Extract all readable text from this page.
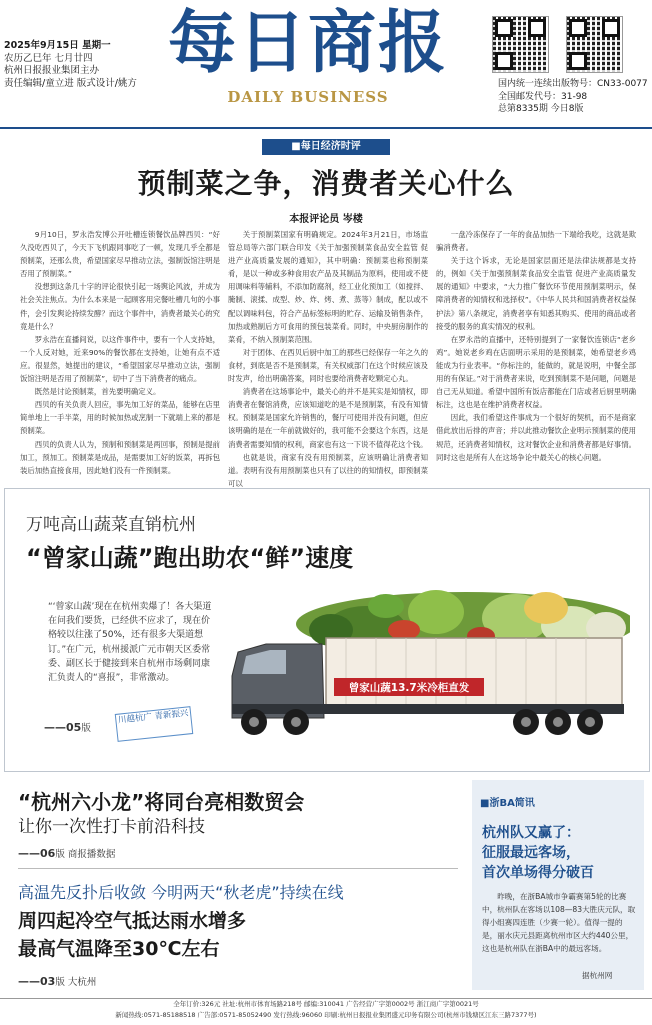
2025年9月15日 星期一
农历乙巳年 七月廿四
杭州日报报业集团主办
责任编辑/童立进 版式设计/姚方
每日商报
DAILY BUSINESS
国内统一连续出版物号：CN33-0077
全国邮发代号：31-98
总第8335期 今日8版
■每日经济时评
预制菜之争，消费者关心什么
本报评论员 岑楼

9月10日，罗永浩发博公开吐槽连锁餐饮品牌西贝：“好久没吃西贝了，今天下飞机跟同事吃了一顿，发现几乎全都是预制菜，还那么贵，希望国家尽早推动立法，强制饭馆注明是否用了预制菜。”

没想到这条几十字的评论很快引起一场舆论风波，并成为社会关注焦点。为什么本来是一起顾客用完餐吐槽几句的小事件，会引发舆论持续发酵？而这个事件中，消费者最关心的究竟是什么？

罗永浩在直播间说，以这件事件中，要有一个人支持她，一个人反对她，近来90%的餐饮都在支持她，让她有点不适应。很显然，她提出的建议，“希望国家尽早推动立法，强制饭馆注明是否用了预制菜”，切中了当下消费者的痛点。

既然是讨论预制菜，首先要明确定义。

西贝的有关负责人回应，事先加工好的菜品，能够在店里简单地上一手半菜，用的时候加热或烹制一下就端上来的都是预制菜。

西贝的负责人认为，预制和预制菜是两回事，预制是提前加工，预加工。预制菜是成品，是需要加工好的饭菜，再拆包装后加热直接食用，因此她们没有一件预制菜。

关于预制菜国家有明确规定。2024年3月21日，市场监管总局等六部门联合印发《关于加强预制菜食品安全监管 促进产业高质量发展的通知》，其中明确：预制菜也称预制菜肴，是以一种或多种食用农产品及其制品为原料，使用或不使用调味料等辅料，不添加防腐剂，经工业化预加工（如搅拌、腌制、滚揉、成型、炒、炸、烤、煮、蒸等）制成，配以或不配以调味料包，符合产品标签标明的贮存、运输及销售条件，加热或熟制后方可食用的预包装菜肴。同时，中央厨房制作的菜肴，不纳入预制菜范围。

对于团体、在西贝后厨中加工的那些已经保存一年之久的食材，到底是否不是预制菜，有关权威部门在这个时候应该及时发声，给出明确答案，同时也要给消费者吃颗定心丸。

消费者在这场事论中，最关心的并不是其实是知情权，即消费者在餐馆消费，应该知道吃的是不是预制菜，有没有知情权。预制菜是国家允许销售的，餐厅可使用并没有问题，但应该明确的是在一年前就做好的，我可能不会要这个东西，这是消费者需要知情的权利，商家也有这一下说不值得花这个钱。

也就是说，商家有没有用预制菜，应该明确让消费者知道。表明有没有用预制菜也只有了以往的的知情权，即预制菜可以

一盘冷冻保存了一年的食品加热一下端给我吃，这就是欺骗消费者。

关于这个诉求，无论是国家层面还是法律法规都是支持的，例如《关于加强预制菜食品安全监管 促进产业高质量发展的通知》中要求，“大力推广餐饮环节使用预制菜明示，保障消费者的知情权和选择权”。《中华人民共和国消费者权益保护法》第八条规定，消费者享有知悉其购买、使用的商品或者接受的服务的真实情况的权利。

在罗永浩的直播中，还特别提到了一家餐饮连锁店“老乡鸡”。她说老乡鸡在店面明示采用的是预制菜，她希望老乡鸡能成为行业表率。“你标注的，能做的，就是说明，中餐全部用的有保证。”对于消费者来说，吃到预制菜不是问题，问题是自己无从知道。希望中国所有饭店都能在门店或者后厨里明确标注，这也是在维护消费者权益。

因此，我们希望这件事成为一个很好的契机，而不是商家借此放出后排的声音；并以此推动餐饮企业明示预制菜的使用规范，还消费者知情权，这对餐饮企业和消费者都是好事情。同时这也是所有人在这场争论中最关心的核心问题。

万吨高山蔬菜直销杭州
“曾家山蔬”跑出助农“鲜”速度
“‘曾家山蔬’现在在杭州卖爆了！各大渠道在问我们要货，已经供不应求了，现在价格较以往涨了50%，还有很多大渠道想订。”在广元，杭州援派广元市朝天区委常委、副区长于健接到来自杭州市场剩同康汇负责人的“喜报”，非常激动。
——05版
川越杭广 青新振兴
曾家山蔬13.7米冷柜直发
“杭州六小龙”将同台亮相数贸会
让你一次性打卡前沿科技
——06版 商报播数据
高温先反扑后收敛 今明两天“秋老虎”持续在线
周四起冷空气抵达雨水增多
最高气温降至30℃左右
——03版 大杭州
■浙BA简讯
杭州队又赢了：
征服最远客场，
首次单场得分破百
昨晚，在浙BA城市争霸赛第5轮的比赛中，杭州队在客场以108—83大胜庆元队，取得小组赛四连胜（少赛一轮）。值得一提的是，丽水庆元县距离杭州市区大约440公里，这也是杭州队在浙BA中的最远客场。
据杭州网
全年订价:326元 社址:杭州市体育场路218号 邮编:310041 广告经营广字第0002号 浙江商广字第0021号
新闻热线:0571-85188518 广告部:0571-85052490 发行热线:96060 印刷:杭州日报报业集团盛元印务有限公司(杭州市钱塘区江东三路7377号)
